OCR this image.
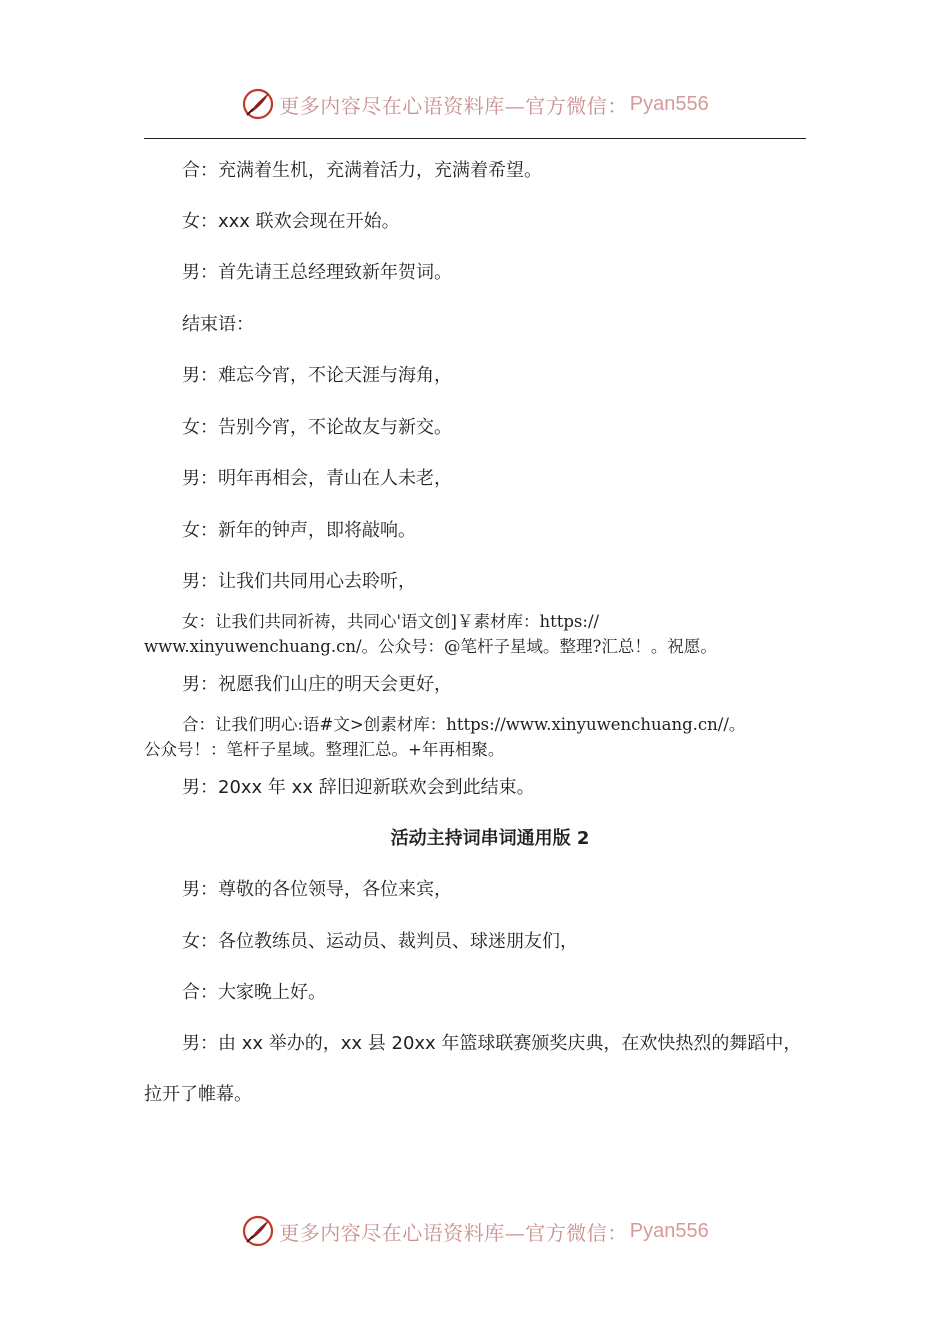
更多内容尽在心语资料库—官方微信： Pyan556
合：充满着生机，充满着活力，充满着希望。
女：xxx 联欢会现在开始。
男：首先请王总经理致新年贺词。
结束语：
男：难忘今宵，不论天涯与海角，
女：告别今宵，不论故友与新交。
男：明年再相会，青山在人未老，
女：新年的钟声，即将敲响。
男：让我们共同用心去聆听，
女：让我们共同祈祷，共同心'语文创]￥素材库：https://
www.xinyuwenchuang.cn/。公众号：@笔杆子星域。整理?汇总！。祝愿。
男：祝愿我们山庄的明天会更好，
合：让我们明心:语#文>创素材库：https://www.xinyuwenchuang.cn//。
公众号！：笔杆子星域。整理汇总。+年再相聚。
男：20xx 年 xx 辞旧迎新联欢会到此结束。
活动主持词串词通用版 2
男：尊敬的各位领导，各位来宾，
女：各位教练员、运动员、裁判员、球迷朋友们，
合：大家晚上好。
男：由 xx 举办的，xx 县 20xx 年篮球联赛颁奖庆典，在欢快热烈的舞蹈中，
拉开了帷幕。
更多内容尽在心语资料库—官方微信： Pyan556
